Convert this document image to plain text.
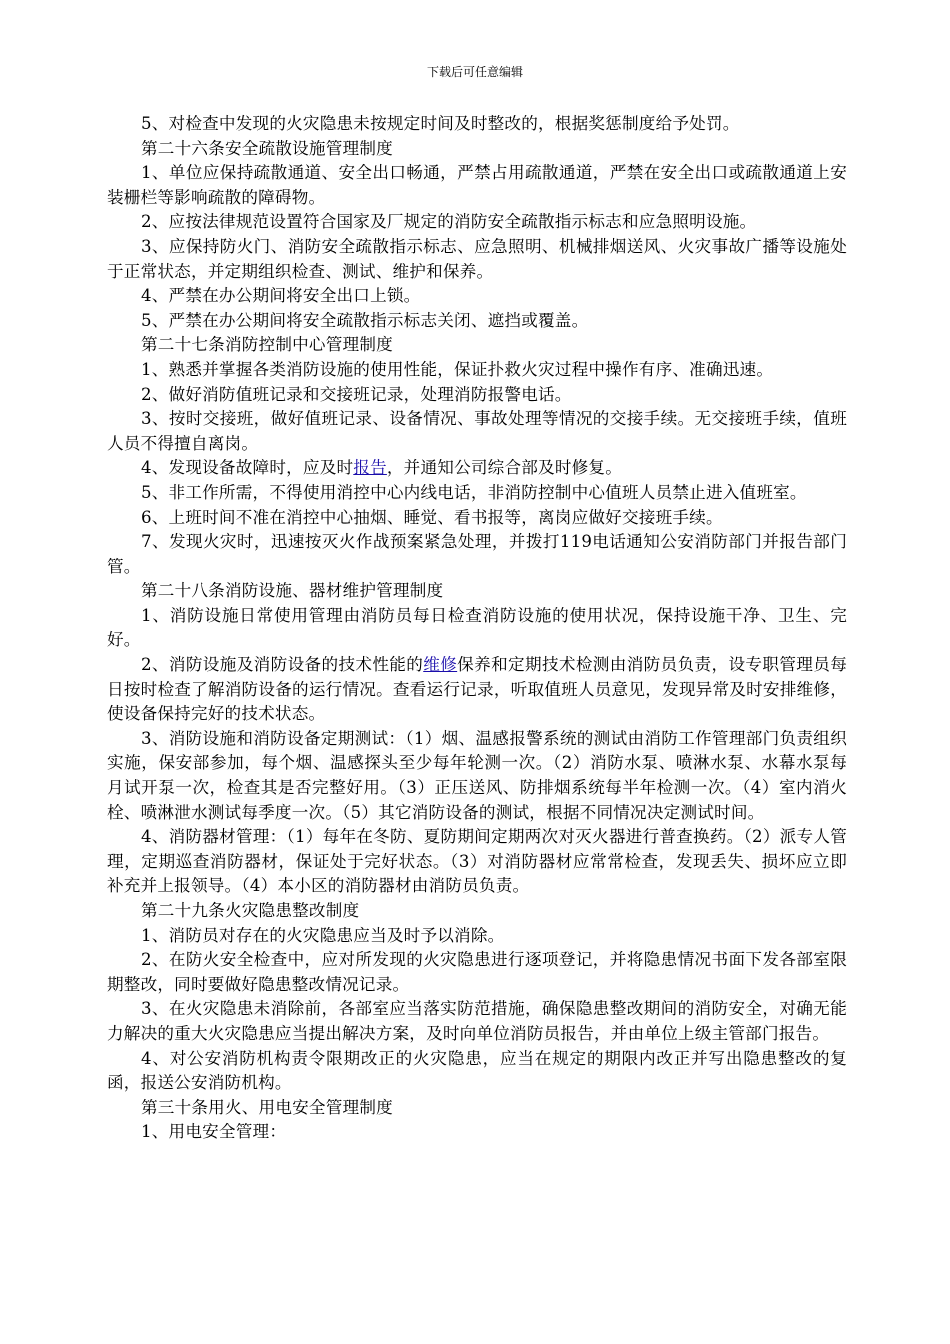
下载后可任意编辑

5、对检查中发现的火灾隐患未按规定时间及时整改的，根据奖惩制度给予处罚。

第二十六条安全疏散设施管理制度

1、单位应保持疏散通道、安全出口畅通，严禁占用疏散通道，严禁在安全出口或疏散通道上安装栅栏等影响疏散的障碍物。

2、应按法律规范设置符合国家及厂规定的消防安全疏散指示标志和应急照明设施。

3、应保持防火门、消防安全疏散指示标志、应急照明、机械排烟送风、火灾事故广播等设施处于正常状态，并定期组织检查、测试、维护和保养。

4、严禁在办公期间将安全出口上锁。

5、严禁在办公期间将安全疏散指示标志关闭、遮挡或覆盖。

第二十七条消防控制中心管理制度

1、熟悉并掌握各类消防设施的使用性能，保证扑救火灾过程中操作有序、准确迅速。

2、做好消防值班记录和交接班记录，处理消防报警电话。

3、按时交接班，做好值班记录、设备情况、事故处理等情况的交接手续。无交接班手续，值班人员不得擅自离岗。

4、发现设备故障时，应及时报告，并通知公司综合部及时修复。

5、非工作所需，不得使用消控中心内线电话，非消防控制中心值班人员禁止进入值班室。

6、上班时间不准在消控中心抽烟、睡觉、看书报等，离岗应做好交接班手续。

7、发现火灾时，迅速按灭火作战预案紧急处理，并拨打119电话通知公安消防部门并报告部门管。

第二十八条消防设施、器材维护管理制度

1、消防设施日常使用管理由消防员每日检查消防设施的使用状况，保持设施干净、卫生、完好。

2、消防设施及消防设备的技术性能的维修保养和定期技术检测由消防员负责，设专职管理员每日按时检查了解消防设备的运行情况。查看运行记录，听取值班人员意见，发现异常及时安排维修，使设备保持完好的技术状态。

3、消防设施和消防设备定期测试：（1）烟、温感报警系统的测试由消防工作管理部门负责组织实施，保安部参加，每个烟、温感探头至少每年轮测一次。（2）消防水泵、喷淋水泵、水幕水泵每月试开泵一次，检查其是否完整好用。（3）正压送风、防排烟系统每半年检测一次。（4）室内消火栓、喷淋泄水测试每季度一次。（5）其它消防设备的测试，根据不同情况决定测试时间。

4、消防器材管理：（1）每年在冬防、夏防期间定期两次对灭火器进行普查换药。（2）派专人管理，定期巡查消防器材，保证处于完好状态。（3）对消防器材应常常检查，发现丢失、损坏应立即补充并上报领导。（4）本小区的消防器材由消防员负责。

第二十九条火灾隐患整改制度

1、消防员对存在的火灾隐患应当及时予以消除。

2、在防火安全检查中，应对所发现的火灾隐患进行逐项登记，并将隐患情况书面下发各部室限期整改，同时要做好隐患整改情况记录。

3、在火灾隐患未消除前，各部室应当落实防范措施，确保隐患整改期间的消防安全，对确无能力解决的重大火灾隐患应当提出解决方案，及时向单位消防员报告，并由单位上级主管部门报告。

4、对公安消防机构责令限期改正的火灾隐患，应当在规定的期限内改正并写出隐患整改的复函，报送公安消防机构。

第三十条用火、用电安全管理制度

1、用电安全管理：
